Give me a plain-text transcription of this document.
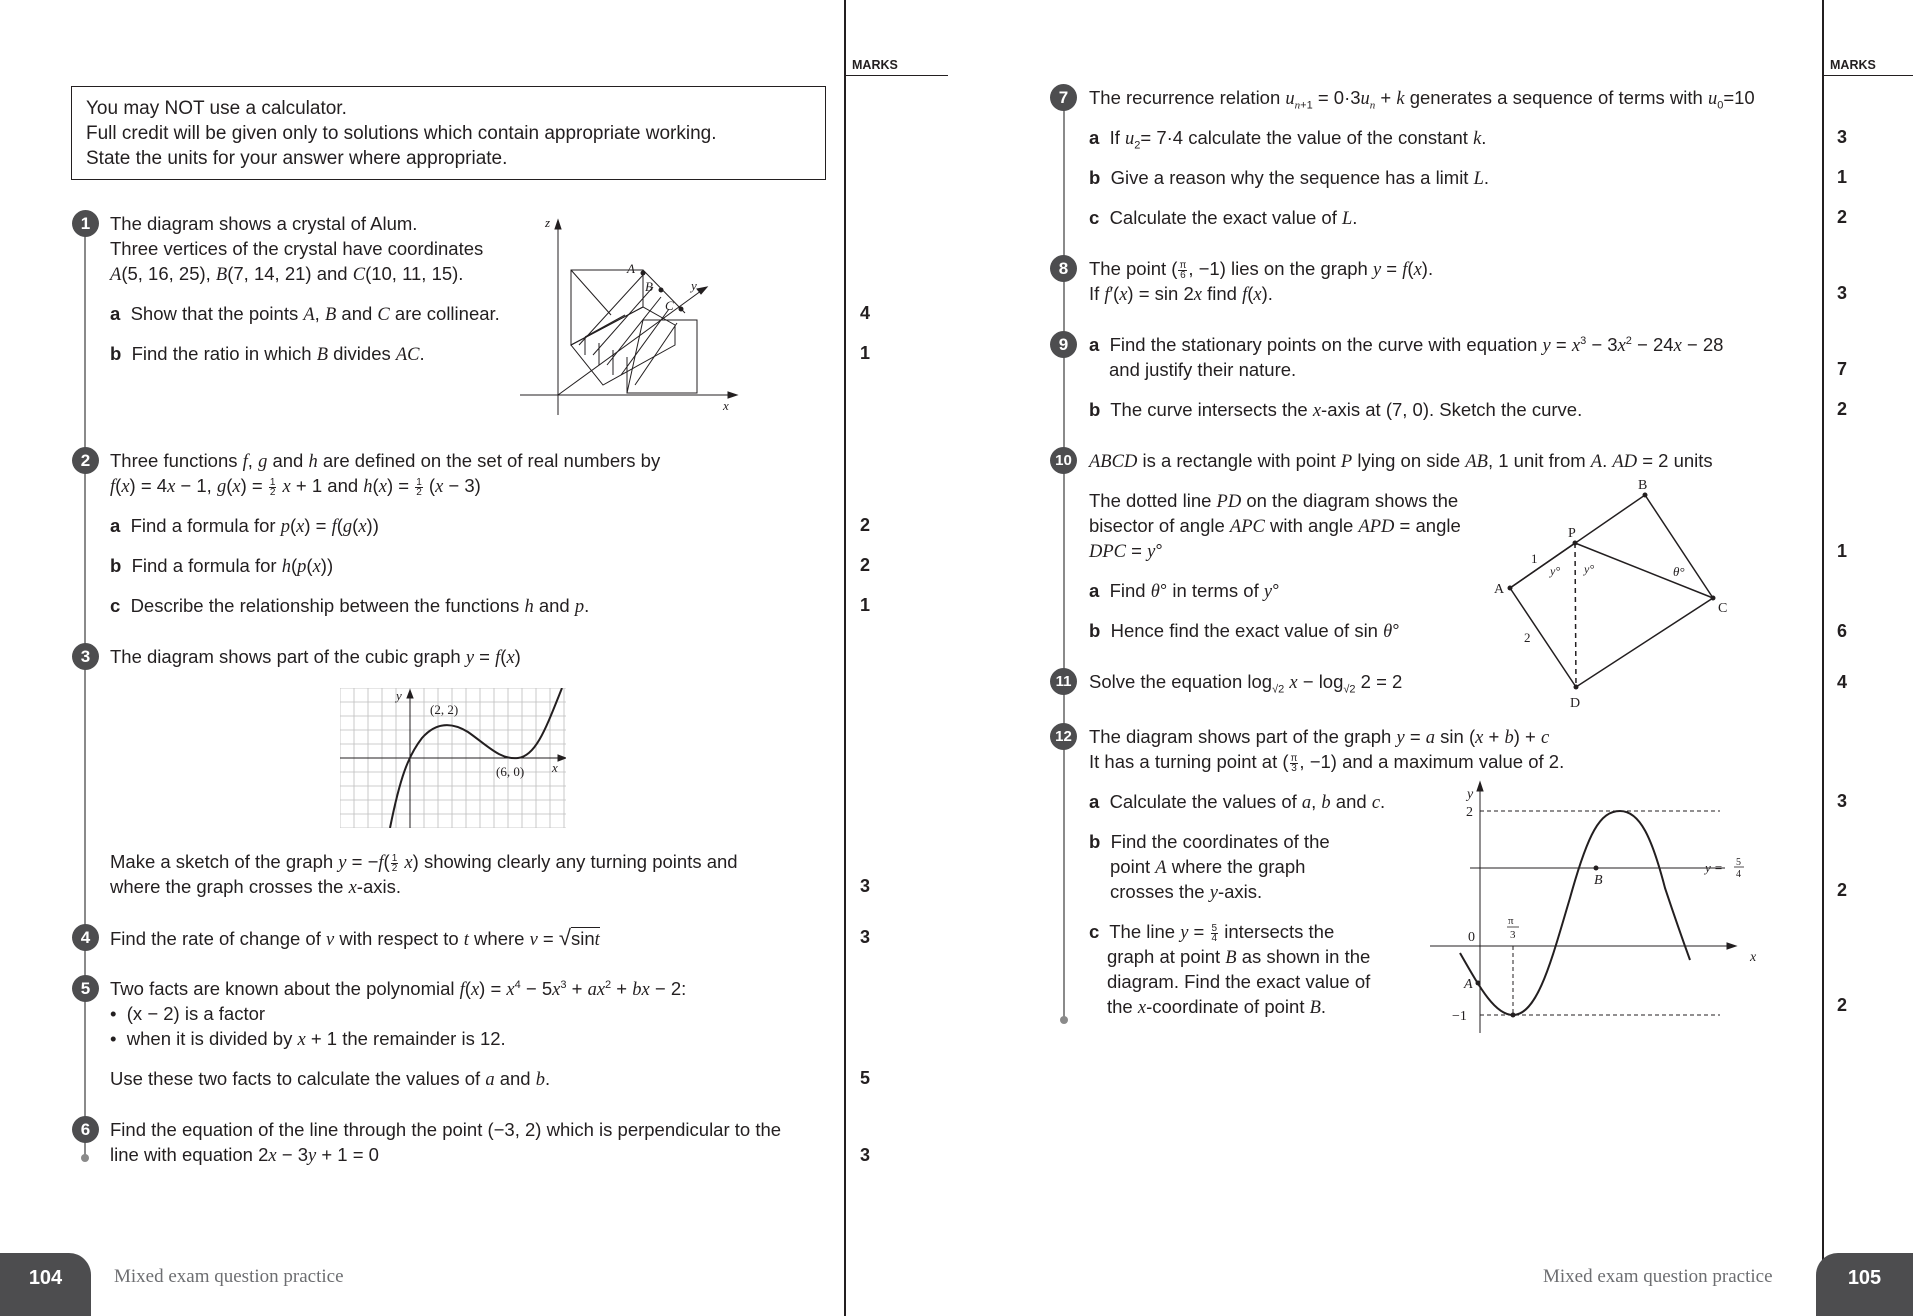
MARKS
You may NOT use a calculator.
Full credit will be given only to solutions which contain appropriate working.
State the units for your answer where appropriate.
1	The diagram shows a crystal of Alum.
Three vertices of the crystal have coordinates
A(5, 16, 25), B(7, 14, 21) and C(10, 11, 15).
a Show that the points A, B and C are collinear.
b Find the ratio in which B divides AC.
4
1
z
y
x
A
B
C
2	Three functions f, g and h are defined on the set of real numbers by
f(x) = 4x − 1, $g(x) = \frac{1}{2}$ x + 1 and $h(x) = \frac{1}{2} (x - 3)$
a  Find a formula for p(x) = f(g(x))
b  Find a formula for h(p(x))
c  Describe the relationship between the functions h and p.
2
2
1
3	The diagram shows part of the cubic graph y = f(x)
y
x
(2, 2)
(6, 0)
Make a sketch of the graph $y = -f( \frac{1}{2} x)$ showing clearly any turning points and
where the graph crosses the x-axis.	3
4	Find the rate of change of v with respect to t where v = √sint	3
5	Two facts are known about the polynomial $f(x) = x^4 - 5x^3 + ax^2$ + bx − 2:
•  (x − 2) is a factor
•  when it is divided by x + 1 the remainder is 12.
Use these two facts to calculate the values of a and b.	5
6	Find the equation of the line through the point (−3, 2) which is perpendicular to the
line with equation 2x − 3y + 1 = 0	3
MARKS
7	The recurrence relation $u_{n+1} = 0\cdot 3u_n + k$ generates a sequence of terms with $u_0=10$
a  If $u_2= 7\cdot 4$ calculate the value of the constant k.
b  Give a reason why the sequence has a limit L.
c  Calculate the exact value of L.
3
1
2
8	The point ( $\frac{\pi}{6}$ , −1) lies on the graph y = f(x).
If f′(x) = sin 2x find f(x).	3
9	a  Find the stationary points on the curve with equation $y = x^3 - 3x^2 - 24x - 28$
and justify their nature.
b  The curve intersects the x-axis at (7, 0). Sketch the curve.
7
2
10 ABCD is a rectangle with point P lying on side AB, 1 unit from A. AD = 2 units
The dotted line PD on the diagram shows the
bisector of angle APC with angle APD = angle
DPC = y°
a  Find θ° in terms of y°
b  Hence find the exact value of sin θ°
1
6
A
B
C
D
P
1
2
y° y°	θ°
11 Solve the equation $\log_{√2} x - \log_{√2} 2 = 2$	4
12 The diagram shows part of the graph y = a sin (x + b) + c
It has a turning point at ( $\frac{\pi}{3}$ , −1) and a maximum value of 2.
a  Calculate the values of a, b and c.
b  Find the coordinates of the
point A where the graph
crosses the y-axis.
c  The line $y = \frac{5}{4}$ intersects the
graph at point B as shown in the
diagram. Find the exact value of
the x-coordinate of point B.
3
2
2
y
x
2
0
−1
A
B
π
3
y = 5
4
104	Mixed exam question practice	Mixed exam question practice	105
